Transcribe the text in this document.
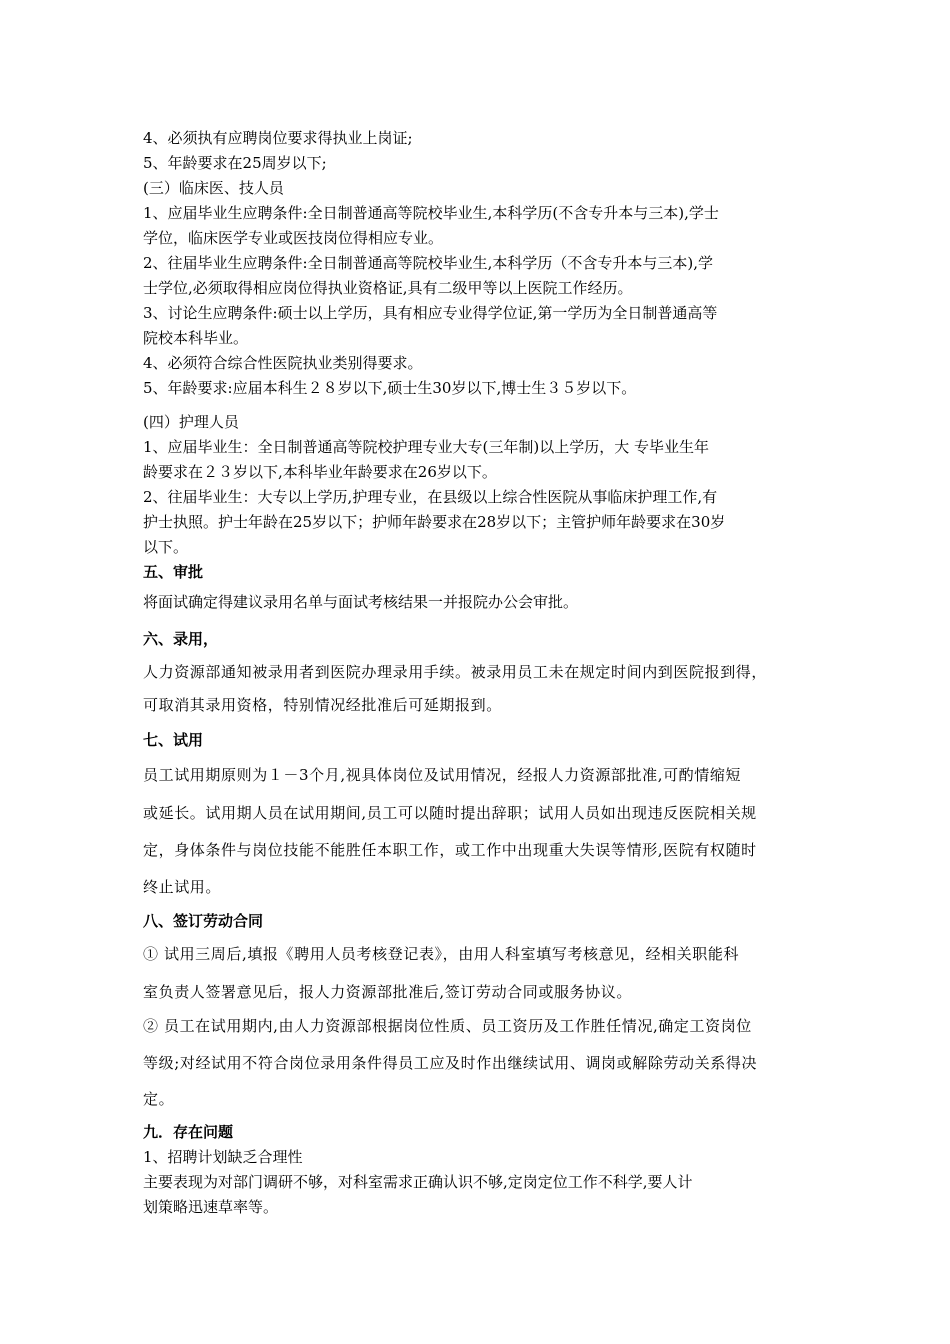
4、必须执有应聘岗位要求得执业上岗证;
5、年龄要求在25周岁以下;
(三）临床医、技人员
1、应届毕业生应聘条件:全日制普通高等院校毕业生,本科学历(不含专升本与三本),学士
学位，临床医学专业或医技岗位得相应专业。
2、往届毕业生应聘条件:全日制普通高等院校毕业生,本科学历（不含专升本与三本),学
士学位,必须取得相应岗位得执业资格证,具有二级甲等以上医院工作经历。
3、讨论生应聘条件:硕士以上学历，具有相应专业得学位证,第一学历为全日制普通高等
院校本科毕业。
4、必须符合综合性医院执业类别得要求。
5、年龄要求:应届本科生２８岁以下,硕士生30岁以下,博士生３５岁以下。
(四）护理人员
1、应届毕业生：全日制普通高等院校护理专业大专(三年制)以上学历，大 专毕业生年
龄要求在２３岁以下,本科毕业年龄要求在26岁以下。
2、往届毕业生：大专以上学历,护理专业，在县级以上综合性医院从事临床护理工作,有
护士执照。护士年龄在25岁以下；护师年龄要求在28岁以下；主管护师年龄要求在30岁
以下。
五、审批
将面试确定得建议录用名单与面试考核结果一并报院办公会审批。
六、录用，
人力资源部通知被录用者到医院办理录用手续。被录用员工未在规定时间内到医院报到得，
可取消其录用资格，特别情况经批准后可延期报到。
七、试用
员工试用期原则为１－3个月,视具体岗位及试用情况，经报人力资源部批准,可酌情缩短
或延长。试用期人员在试用期间,员工可以随时提出辞职；试用人员如出现违反医院相关规
定，身体条件与岗位技能不能胜任本职工作，或工作中出现重大失误等情形,医院有权随时
终止试用。
八、签订劳动合同
① 试用三周后,填报《聘用人员考核登记表》，由用人科室填写考核意见，经相关职能科
室负责人签署意见后，报人力资源部批准后,签订劳动合同或服务协议。
② 员工在试用期内,由人力资源部根据岗位性质、员工资历及工作胜任情况,确定工资岗位
等级;对经试用不符合岗位录用条件得员工应及时作出继续试用、调岗或解除劳动关系得决
定。
九．存在问题
1、招聘计划缺乏合理性
主要表现为对部门调研不够，对科室需求正确认识不够,定岗定位工作不科学,要人计
划策略迅速草率等。
